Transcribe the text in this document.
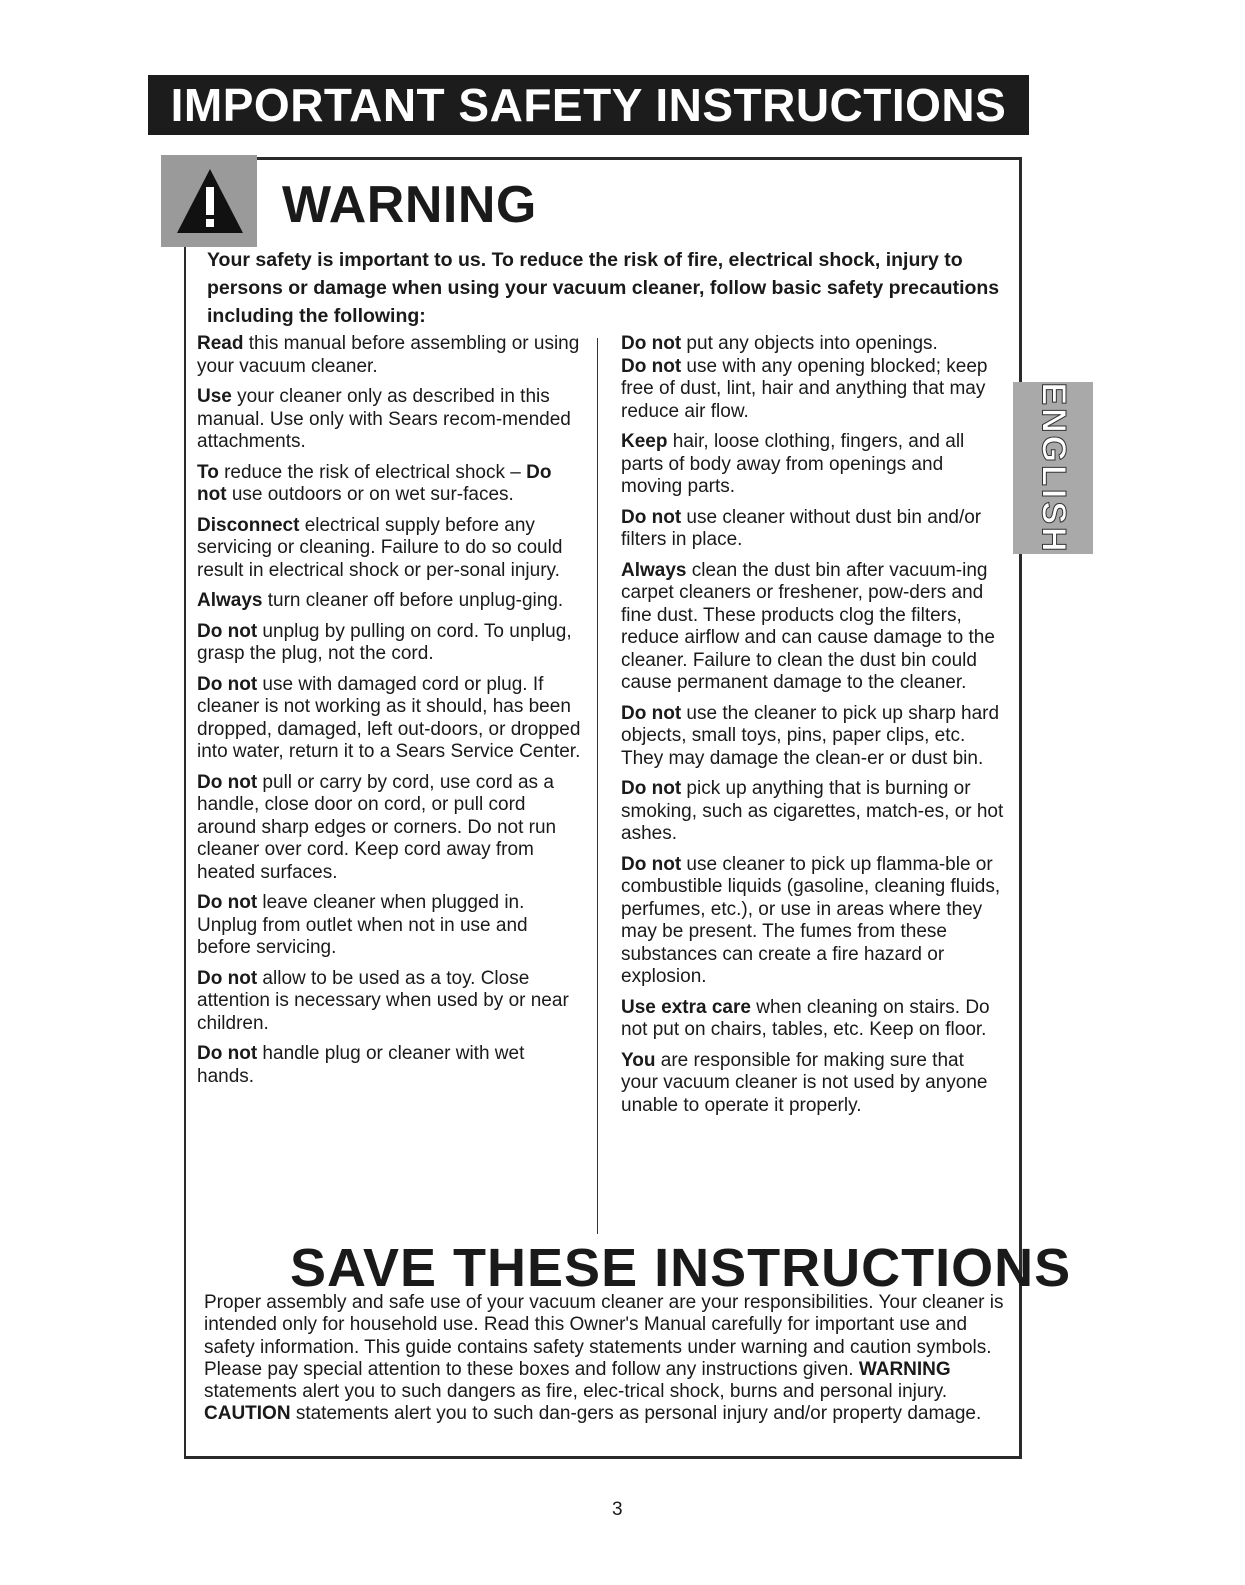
IMPORTANT SAFETY INSTRUCTIONS
WARNING

Your safety is important to us. To reduce the risk of fire, electrical shock, injury to persons or damage when using your vacuum cleaner, follow basic safety precautions including the following:

Read this manual before assembling or using your vacuum cleaner.

Use your cleaner only as described in this manual. Use only with Sears recom-mended attachments.

To reduce the risk of electrical shock – Do not use outdoors or on wet sur-faces.

Disconnect electrical supply before any servicing or cleaning. Failure to do so could result in electrical shock or per-sonal injury.

Always turn cleaner off before unplug-ging.

Do not unplug by pulling on cord. To unplug, grasp the plug, not the cord.

Do not use with damaged cord or plug. If cleaner is not working as it should, has been dropped, damaged, left out-doors, or dropped into water, return it to a Sears Service Center.

Do not pull or carry by cord, use cord as a handle, close door on cord, or pull cord around sharp edges or corners. Do not run cleaner over cord. Keep cord away from heated surfaces.

Do not leave cleaner when plugged in. Unplug from outlet when not in use and before servicing.

Do not allow to be used as a toy. Close attention is necessary when used by or near children.

Do not handle plug or cleaner with wet hands.

Do not put any objects into openings.
Do not use with any opening blocked; keep free of dust, lint, hair and anything that may reduce air flow.

Keep hair, loose clothing, fingers, and all parts of body away from openings and moving parts.

Do not use cleaner without dust bin and/or filters in place.

Always clean the dust bin after vacuum-ing carpet cleaners or freshener, pow-ders and fine dust. These products clog the filters, reduce airflow and can cause damage to the cleaner. Failure to clean the dust bin could cause permanent damage to the cleaner.

Do not use the cleaner to pick up sharp hard objects, small toys, pins, paper clips, etc. They may damage the clean-er or dust bin.

Do not pick up anything that is burning or smoking, such as cigarettes, match-es, or hot ashes.

Do not use cleaner to pick up flamma-ble or combustible liquids (gasoline, cleaning fluids, perfumes, etc.), or use in areas where they may be present. The fumes from these substances can create a fire hazard or explosion.

Use extra care when cleaning on stairs. Do not put on chairs, tables, etc. Keep on floor.

You are responsible for making sure that your vacuum cleaner is not used by anyone unable to operate it properly.

ENGLISH
SAVE THESE INSTRUCTIONS

Proper assembly and safe use of your vacuum cleaner are your responsibilities. Your cleaner is intended only for household use. Read this Owner's Manual carefully for important use and safety information. This guide contains safety statements under warning and caution symbols. Please pay special attention to these boxes and follow any instructions given. WARNING statements alert you to such dangers as fire, elec-trical shock, burns and personal injury. CAUTION statements alert you to such dan-gers as personal injury and/or property damage.

3
